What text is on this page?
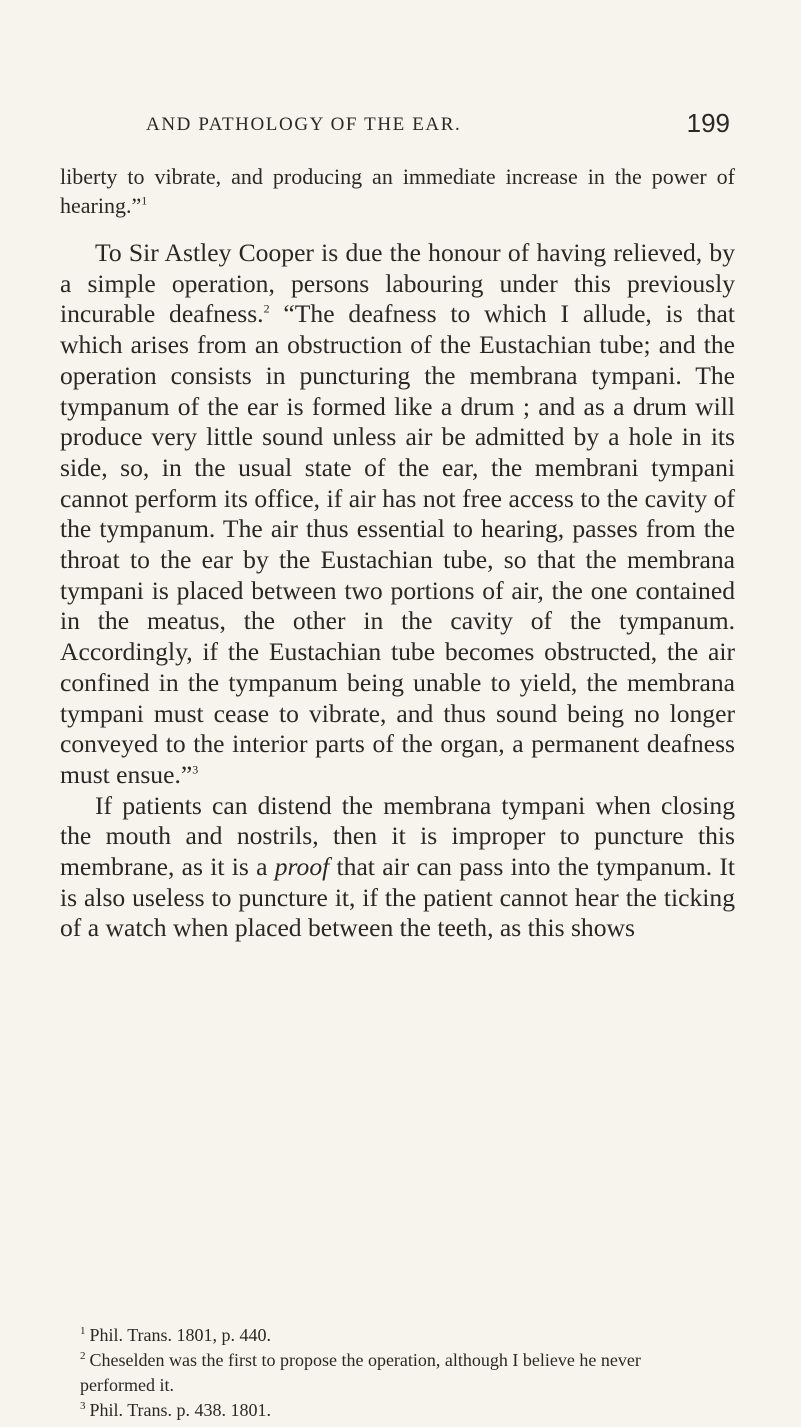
AND PATHOLOGY OF THE EAR.	199

liberty to vibrate, and producing an immediate increase in the power of hearing.”$^1$

To Sir Astley Cooper is due the honour of having relieved, by a simple operation, persons labouring under this previously incurable deafness.$^2$ “The deafness to which I allude, is that which arises from an obstruction of the Eustachian tube; and the operation consists in puncturing the membrana tympani. The tympanum of the ear is formed like a drum ; and as a drum will produce very little sound unless air be admitted by a hole in its side, so, in the usual state of the ear, the membrani tympani cannot perform its office, if air has not free access to the cavity of the tympanum. The air thus essential to hearing, passes from the throat to the ear by the Eustachian tube, so that the membrana tympani is placed between two portions of air, the one contained in the meatus, the other in the cavity of the tympanum. Accordingly, if the Eustachian tube becomes obstructed, the air confined in the tympanum being unable to yield, the membrana tympani must cease to vibrate, and thus sound being no longer conveyed to the interior parts of the organ, a permanent deafness must ensue.”$^3$

If patients can distend the membrana tympani when closing the mouth and nostrils, then it is improper to puncture this membrane, as it is a proof that air can pass into the tympanum. It is also useless to puncture it, if the patient cannot hear the ticking of a watch when placed between the teeth, as this shows

$^1$ Phil. Trans. 1801, p. 440.

$^2$ Cheselden was the first to propose the operation, although I believe he never performed it.

$^3$ Phil. Trans. p. 438. 1801.
